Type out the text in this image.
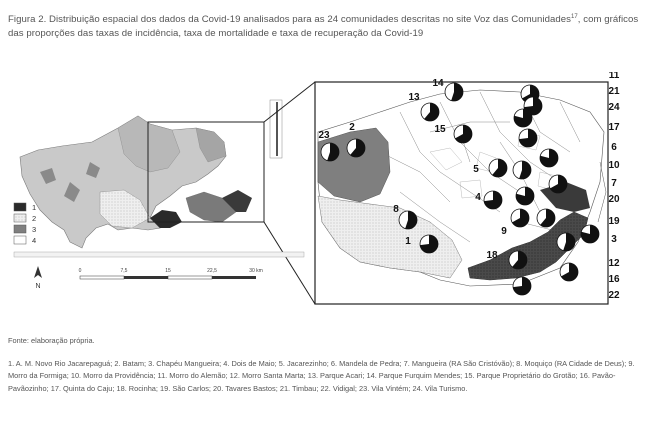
Figura 2. Distribuição espacial dos dados da Covid-19 analisados para as 24 comunidades descritas no site Voz das Comunidades$^{17}$, com gráficos das proporções das taxas de incidência, taxa de mortalidade e taxa de recuperação da Covid-19
1
2
3
4
0	7,5	15	22,5	30 km
N
14
13
11
21
24
23
2	15	17
6
10
5
7
4	20
8
19
9
1	3
12
18
16
22
Fonte: elaboração própria.
1. A. M. Novo Rio Jacarepaguá; 2. Batam; 3. Chapéu Mangueira; 4. Dois de Maio; 5. Jacarezinho; 6. Mandela de Pedra; 7. Mangueira (RA São Cristóvão); 8. Moquiço (RA Cidade de Deus); 9. Morro da Formiga; 10. Morro da Providência; 11. Morro do Alemão; 12. Morro Santa Marta; 13. Parque Acari; 14. Parque Furquim Mendes; 15. Parque Proprietário do Grotão; 16. Pavão-Pavãozinho; 17. Quinta do Caju; 18. Rocinha; 19. São Carlos; 20. Tavares Bastos; 21. Timbau; 22. Vidigal; 23. Vila Vintém; 24. Vila Turismo.
